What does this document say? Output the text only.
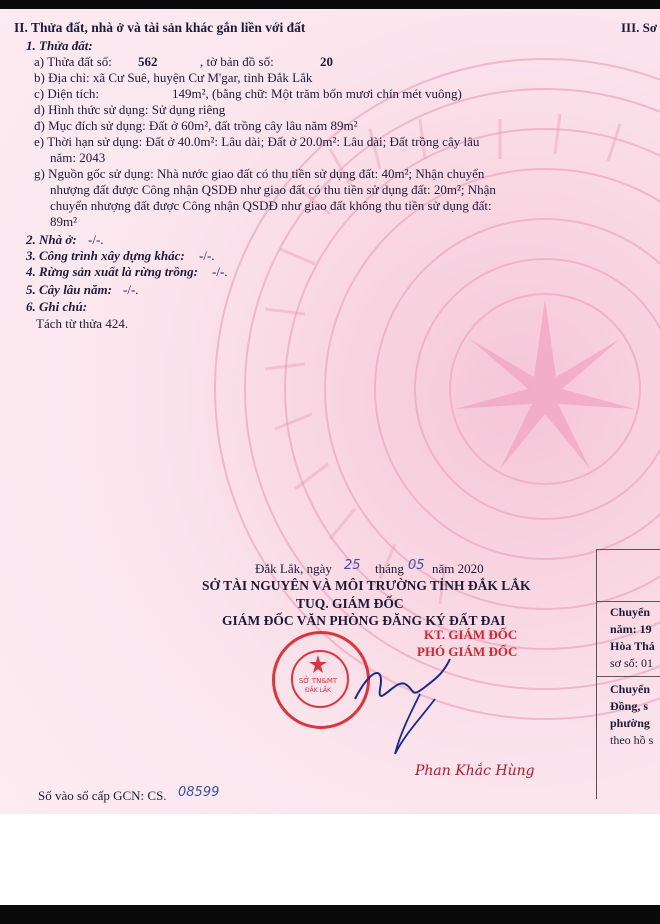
II. Thửa đất, nhà ở và tài sản khác gắn liền với đất	III. Sơ
1. Thửa đất:
a) Thửa đất số: 562	, tờ bản đồ số:	20
b) Địa chỉ: xã Cư Suê, huyện Cư M'gar, tỉnh Đắk Lắk
c) Diện tích:	149m², (bằng chữ: Một trăm bốn mươi chín mét vuông)
d) Hình thức sử dụng: Sử dụng riêng
đ) Mục đích sử dụng: Đất ở 60m², đất trồng cây lâu năm 89m²
e) Thời hạn sử dụng: Đất ở 40.0m²: Lâu dài; Đất ở 20.0m²: Lâu dài; Đất trồng cây lâu
năm: 2043
g) Nguồn gốc sử dụng: Nhà nước giao đất có thu tiền sử dụng đất: 40m²; Nhận chuyển
nhượng đất được Công nhận QSDĐ như giao đất có thu tiền sử dụng đất: 20m²; Nhận
chuyển nhượng đất được Công nhận QSDĐ như giao đất không thu tiền sử dụng đất:
89m²
2. Nhà ở: -/-.
3. Công trình xây dựng khác: -/-.
4. Rừng sản xuất là rừng trồng: -/-.
5. Cây lâu năm: -/-.
6. Ghi chú:
Tách từ thửa 424.
Đắk Lắk, ngày 25 tháng 05 năm 2020
SỞ TÀI NGUYÊN VÀ MÔI TRƯỜNG TỈNH ĐẮK LẮK
TUQ. GIÁM ĐỐC
GIÁM ĐỐC VĂN PHÒNG ĐĂNG KÝ ĐẤT ĐAI
KT. GIÁM ĐỐC
PHÓ GIÁM ĐỐC
SỞ TN&MT
ĐẮK LẮK
Phan Khắc Hùng
Số vào sổ cấp GCN: CS. 08599
Chuyển
năm: 19
Hòa Thá
sơ số: 01
Chuyển
Đồng, s
phường
theo hồ s
